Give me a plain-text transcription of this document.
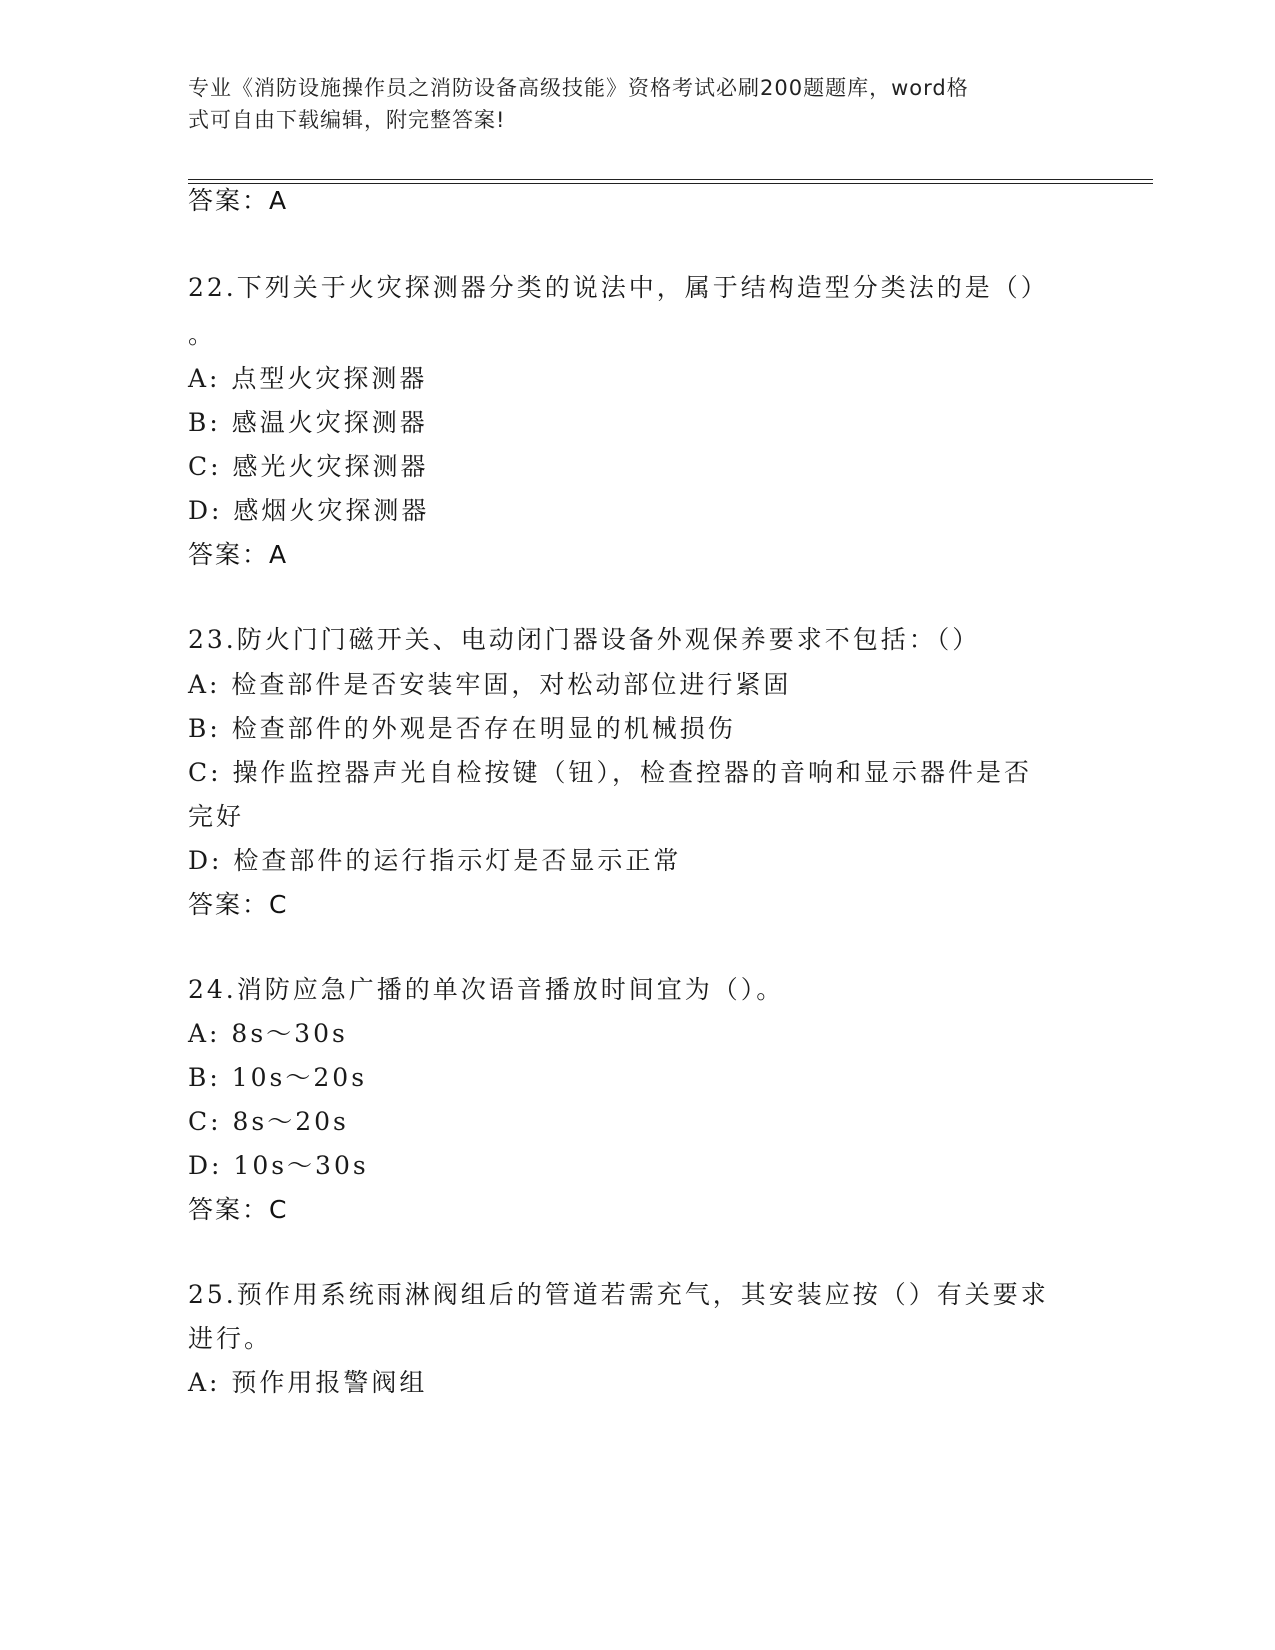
专业《消防设施操作员之消防设备高级技能》资格考试必刷200题题库，word格
式可自由下载编辑，附完整答案!
答案：A
22.下列关于火灾探测器分类的说法中，属于结构造型分类法的是（）
。
A: 点型火灾探测器
B: 感温火灾探测器
C: 感光火灾探测器
D: 感烟火灾探测器
答案：A
23.防火门门磁开关、电动闭门器设备外观保养要求不包括：（）
A: 检查部件是否安装牢固，对松动部位进行紧固
B: 检查部件的外观是否存在明显的机械损伤
C: 操作监控器声光自检按键（钮），检查控器的音响和显示器件是否
完好
D: 检查部件的运行指示灯是否显示正常
答案：C
24.消防应急广播的单次语音播放时间宜为（）。
A: 8s～30s
B: 10s～20s
C: 8s～20s
D: 10s～30s
答案：C
25.预作用系统雨淋阀组后的管道若需充气，其安装应按（）有关要求
进行。
A: 预作用报警阀组
